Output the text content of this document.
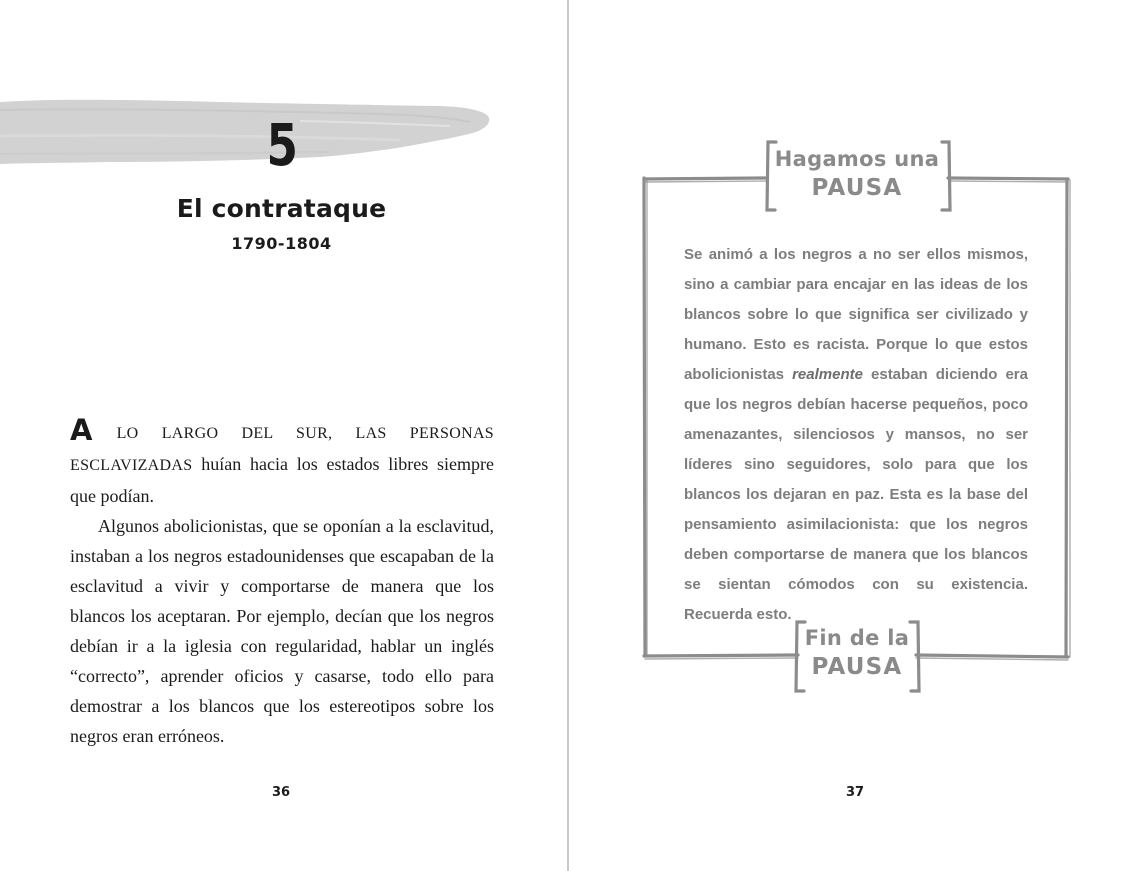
5
El contrataque
1790-1804

A LO LARGO DEL SUR, LAS PERSONAS ESCLAVIZADAS huían hacia los estados libres siempre que podían.

Algunos abolicionistas, que se oponían a la esclavitud, instaban a los negros estadounidenses que escapaban de la esclavitud a vivir y comportarse de manera que los blancos los aceptaran. Por ejemplo, decían que los negros debían ir a la iglesia con regularidad, hablar un inglés “correcto”, aprender oficios y casarse, todo ello para demostrar a los blancos que los estereotipos sobre los negros eran erróneos.

36
Hagamos una
PAUSA

Se animó a los negros a no ser ellos mismos, sino a cambiar para encajar en las ideas de los blancos sobre lo que significa ser civilizado y humano. Esto es racista. Porque lo que estos abolicionistas realmente estaban diciendo era que los negros debían hacerse pequeños, poco amenazantes, silenciosos y mansos, no ser líderes sino seguidores, solo para que los blancos los dejaran en paz. Esta es la base del pensamiento asimilacionista: que los negros deben comportarse de manera que los blancos se sientan cómodos con su existencia. Recuerda esto.

Fin de la
PAUSA
37
